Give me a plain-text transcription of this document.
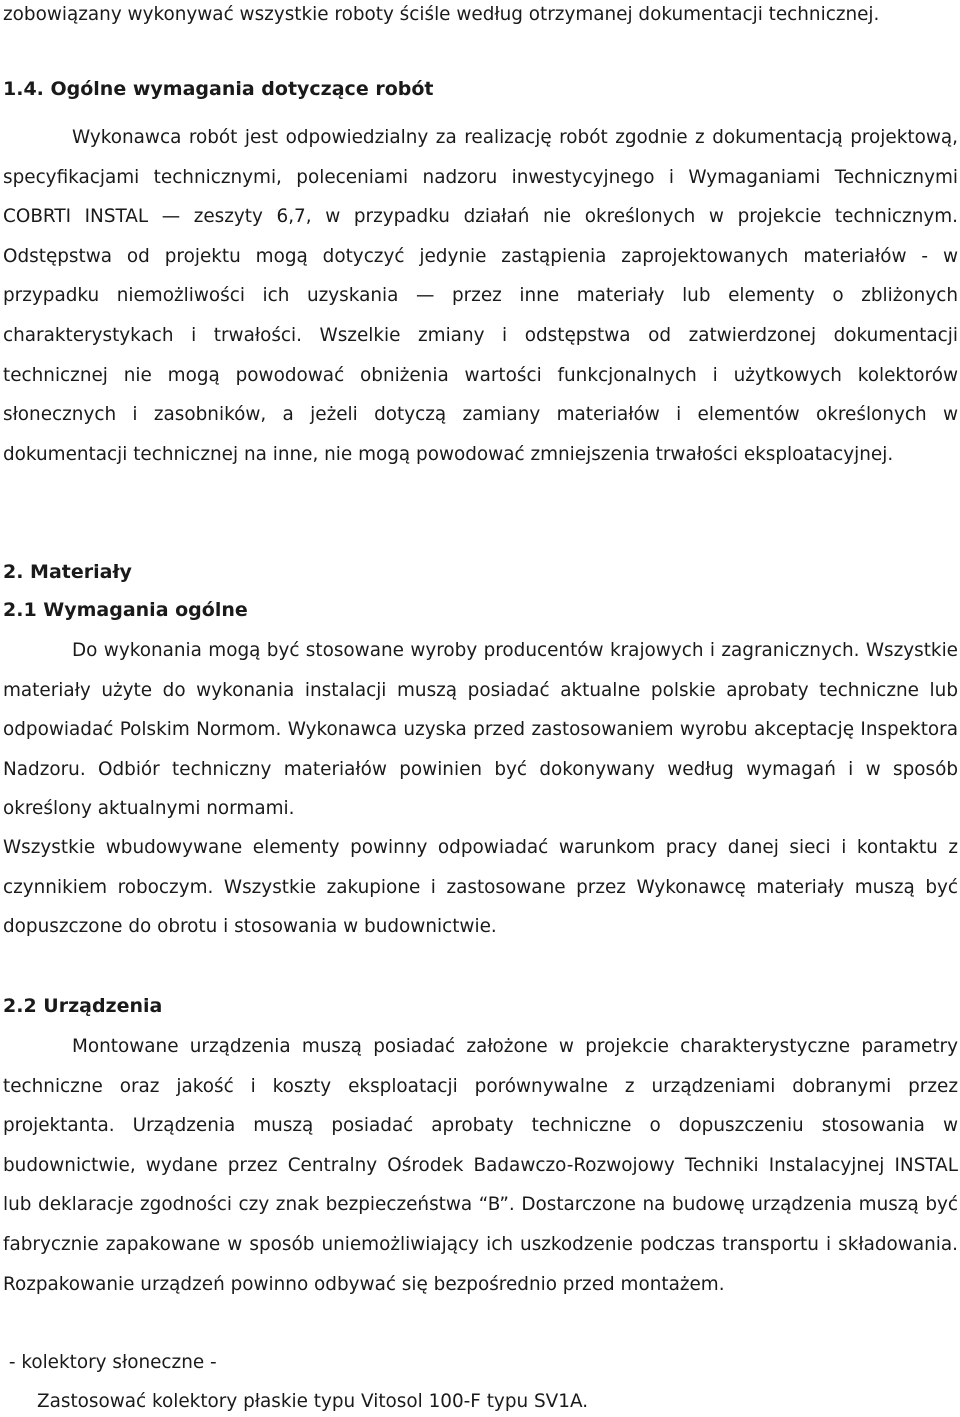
zobowiązany wykonywać wszystkie roboty ściśle według otrzymanej dokumentacji technicznej.
1.4. Ogólne wymagania dotyczące robót

Wykonawca robót jest odpowiedzialny za realizację robót zgodnie z dokumentacją projektową, specyfikacjami technicznymi, poleceniami nadzoru inwestycyjnego i Wymaganiami Technicznymi COBRTI INSTAL — zeszyty 6,7, w przypadku działań nie określonych w projekcie technicznym. Odstępstwa od projektu mogą dotyczyć jedynie zastąpienia zaprojektowanych materiałów - w przypadku niemożliwości ich uzyskania — przez inne materiały lub elementy o zbliżonych charakterystykach i trwałości. Wszelkie zmiany i odstępstwa od zatwierdzonej dokumentacji technicznej nie mogą powodować obniżenia wartości funkcjonalnych i użytkowych kolektorów słonecznych i zasobników, a jeżeli dotyczą zamiany materiałów i elementów określonych w dokumentacji technicznej na inne, nie mogą powodować zmniejszenia trwałości eksploatacyjnej.

2. Materiały
2.1 Wymagania ogólne

Do wykonania mogą być stosowane wyroby producentów krajowych i zagranicznych. Wszystkie materiały użyte do wykonania instalacji muszą posiadać aktualne polskie aprobaty techniczne lub odpowiadać Polskim Normom. Wykonawca uzyska przed zastosowaniem wyrobu akceptację Inspektora Nadzoru. Odbiór techniczny materiałów powinien być dokonywany według wymagań i w sposób określony aktualnymi normami.

Wszystkie wbudowywane elementy powinny odpowiadać warunkom pracy danej sieci i kontaktu z czynnikiem roboczym. Wszystkie zakupione i zastosowane przez Wykonawcę materiały muszą być dopuszczone do obrotu i stosowania w budownictwie.

2.2 Urządzenia

Montowane urządzenia muszą posiadać założone w projekcie charakterystyczne parametry techniczne oraz jakość i koszty eksploatacji porównywalne z urządzeniami dobranymi przez projektanta. Urządzenia muszą posiadać aprobaty techniczne o dopuszczeniu stosowania w budownictwie, wydane przez Centralny Ośrodek Badawczo-Rozwojowy Techniki Instalacyjnej INSTAL lub deklaracje zgodności czy znak bezpieczeństwa “B”. Dostarczone na budowę urządzenia muszą być fabrycznie zapakowane w sposób uniemożliwiający ich uszkodzenie podczas transportu i składowania. Rozpakowanie urządzeń powinno odbywać się bezpośrednio przed montażem.

- kolektory słoneczne -
Zastosować kolektory płaskie typu Vitosol 100-F typu SV1A.
